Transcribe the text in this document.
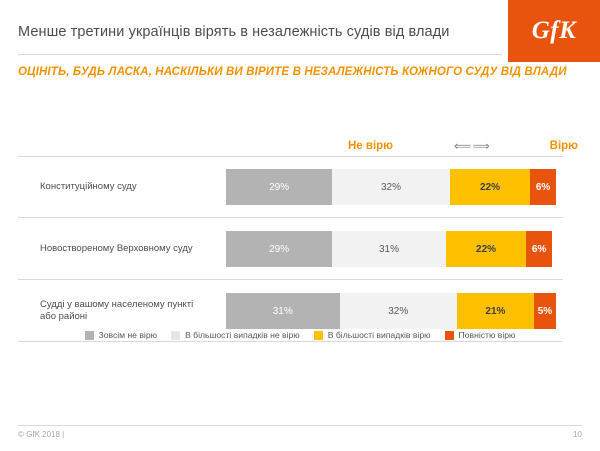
GfK
Менше третини українців вірять в незалежність судів від влади
ОЦІНІТЬ, БУДЬ ЛАСКА, НАСКІЛЬКИ ВИ ВІРИТЕ В НЕЗАЛЕЖНІСТЬ КОЖНОГО СУДУ ВІД ВЛАДИ
Не вірю	⟸ ⟹	Вірю
Конституційному суду	29%	32%	22%	6%
Новоствореному Верховному суду	29%	31%	22%	6%
Судді у вашому населеному пункті або районі	31%	32%	21%	5%
Зовсім не вірю	В більшості випадків не вірю	В більшості випадків вірю	Повністю вірю
© GfK 2018 |	10
